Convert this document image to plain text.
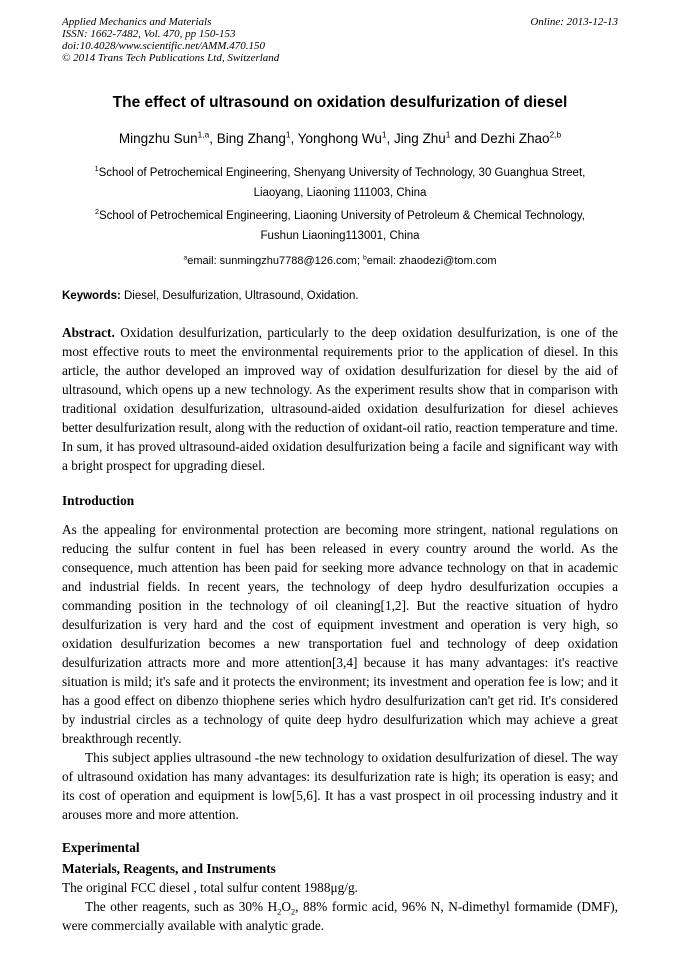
Applied Mechanics and Materials
ISSN: 1662-7482, Vol. 470, pp 150-153
doi:10.4028/www.scientific.net/AMM.470.150
© 2014 Trans Tech Publications Ltd, Switzerland
Online: 2013-12-13
The effect of ultrasound on oxidation desulfurization of diesel
Mingzhu Sun$^{1,a}$, Bing Zhang$^1$, Yonghong Wu$^1$, Jing Zhu$^1$ and Dezhi Zhao$^{2,b}$
$^1$School of Petrochemical Engineering, Shenyang University of Technology, 30 Guanghua Street, Liaoyang, Liaoning 111003, China
$^2$School of Petrochemical Engineering, Liaoning University of Petroleum & Chemical Technology, Fushun Liaoning113001, China
$^a$email: sunmingzhu7788@126.com; $^b$email: zhaodezi@tom.com

Keywords: Diesel, Desulfurization, Ultrasound, Oxidation.

Abstract. Oxidation desulfurization, particularly to the deep oxidation desulfurization, is one of the most effective routs to meet the environmental requirements prior to the application of diesel. In this article, the author developed an improved way of oxidation desulfurization for diesel by the aid of ultrasound, which opens up a new technology. As the experiment results show that in comparison with traditional oxidation desulfurization, ultrasound-aided oxidation desulfurization for diesel achieves better desulfurization result, along with the reduction of oxidant-oil ratio, reaction temperature and time. In sum, it has proved ultrasound-aided oxidation desulfurization being a facile and significant way with a bright prospect for upgrading diesel.

Introduction

As the appealing for environmental protection are becoming more stringent, national regulations on reducing the sulfur content in fuel has been released in every country around the world. As the consequence, much attention has been paid for seeking more advance technology on that in academic and industrial fields. In recent years, the technology of deep hydro desulfurization occupies a commanding position in the technology of oil cleaning[1,2]. But the reactive situation of hydro desulfurization is very hard and the cost of equipment investment and operation is very high, so oxidation desulfurization becomes a new transportation fuel and technology of deep oxidation desulfurization attracts more and more attention[3,4] because it has many advantages: it's reactive situation is mild; it's safe and it protects the environment; its investment and operation fee is low; and it has a good effect on dibenzo thiophene series which hydro desulfurization can't get rid. It's considered by industrial circles as a technology of quite deep hydro desulfurization which may achieve a great breakthrough recently.

This subject applies ultrasound -the new technology to oxidation desulfurization of diesel. The way of ultrasound oxidation has many advantages: its desulfurization rate is high; its operation is easy; and its cost of operation and equipment is low[5,6]. It has a vast prospect in oil processing industry and it arouses more and more attention.

Experimental
Materials, Reagents, and Instruments

The original FCC diesel , total sulfur content 1988μg/g.

The other reagents, such as 30% $H_2O_2$, 88% formic acid, 96% N, N-dimethyl formamide (DMF), were commercially available with analytic grade.
